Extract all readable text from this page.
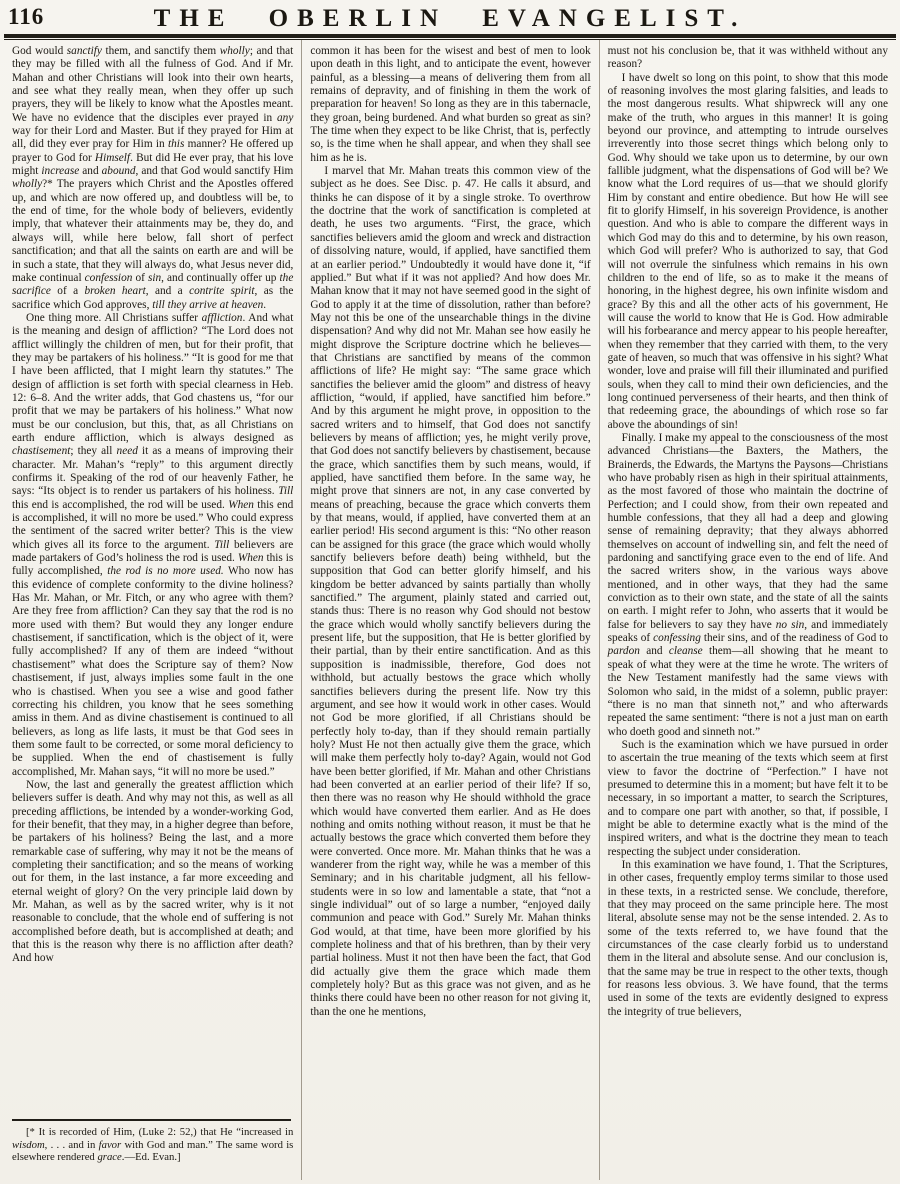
116	THE OBERLIN EVANGELIST.

God would sanctify them, and sanctify them wholly; and that they may be filled with all the fulness of God. And if Mr. Mahan and other Christians will look into their own hearts, and see what they really mean, when they offer up such prayers, they will be likely to know what the Apostles meant. We have no evidence that the disciples ever prayed in any way for their Lord and Master. But if they prayed for Him at all, did they ever pray for Him in this manner? He offered up prayer to God for Himself. But did He ever pray, that his love might increase and abound, and that God would sanctify Him wholly?* The prayers which Christ and the Apostles offered up, and which are now offered up, and doubtless will be, to the end of time, for the whole body of believers, evidently imply, that whatever their attainments may be, they do, and always will, while here below, fall short of perfect sanctification; and that all the saints on earth are and will be in such a state, that they will always do, what Jesus never did, make continual confession of sin, and continually offer up the sacrifice of a broken heart, and a contrite spirit, as the sacrifice which God approves, till they arrive at heaven.

One thing more. All Christians suffer affliction. And what is the meaning and design of affliction? “The Lord does not afflict willingly the children of men, but for their profit, that they may be partakers of his holiness.” “It is good for me that I have been afflicted, that I might learn thy statutes.” The design of affliction is set forth with special clearness in Heb. 12: 6–8. And the writer adds, that God chastens us, “for our profit that we may be partakers of his holiness.” What now must be our conclusion, but this, that, as all Christians on earth endure affliction, which is always designed as chastisement; they all need it as a means of improving their character. Mr. Mahan’s “reply” to this argument directly confirms it. Speaking of the rod of our heavenly Father, he says: “Its object is to render us partakers of his holiness. Till this end is accomplished, the rod will be used. When this end is accomplished, it will no more be used.” Who could express the sentiment of the sacred writer better? This is the view which gives all its force to the argument. Till believers are made partakers of God’s holiness the rod is used. When this is fully accomplished, the rod is no more used. Who now has this evidence of complete conformity to the divine holiness? Has Mr. Mahan, or Mr. Fitch, or any who agree with them? Are they free from affliction? Can they say that the rod is no more used with them? But would they any longer endure chastisement, if sanctification, which is the object of it, were fully accomplished? If any of them are indeed “without chastisement” what does the Scripture say of them? Now chastisement, if just, always implies some fault in the one who is chastised. When you see a wise and good father correcting his children, you know that he sees something amiss in them. And as divine chastisement is continued to all believers, as long as life lasts, it must be that God sees in them some fault to be corrected, or some moral deficiency to be supplied. When the end of chastisement is fully accomplished, Mr. Mahan says, “it will no more be used.”

Now, the last and generally the greatest affliction which believers suffer is death. And why may not this, as well as all preceding afflictions, be intended by a wonder-working God, for their benefit, that they may, in a higher degree than before, be partakers of his holiness? Being the last, and a more remarkable case of suffering, why may it not be the means of completing their sanctification; and so the means of working out for them, in the last instance, a far more exceeding and eternal weight of glory? On the very principle laid down by Mr. Mahan, as well as by the sacred writer, why is it not reasonable to conclude, that the whole end of suffering is not accomplished before death, but is accomplished at death; and that this is the reason why there is no affliction after death? And how

[* It is recorded of Him, (Luke 2: 52,) that He “increased in wisdom, . . . and in favor with God and man.” The same word is elsewhere rendered grace.—Ed. Evan.]

common it has been for the wisest and best of men to look upon death in this light, and to anticipate the event, however painful, as a blessing—a means of delivering them from all remains of depravity, and of finishing in them the work of preparation for heaven! So long as they are in this tabernacle, they groan, being burdened. And what burden so great as sin? The time when they expect to be like Christ, that is, perfectly so, is the time when he shall appear, and when they shall see him as he is.

I marvel that Mr. Mahan treats this common view of the subject as he does. See Disc. p. 47. He calls it absurd, and thinks he can dispose of it by a single stroke. To overthrow the doctrine that the work of sanctification is completed at death, he uses two arguments. “First, the grace, which sanctifies believers amid the gloom and wreck and distraction of dissolving nature, would, if applied, have sanctified them at an earlier period.” Undoubtedly it would have done it, “if applied.” But what if it was not applied? And how does Mr. Mahan know that it may not have seemed good in the sight of God to apply it at the time of dissolution, rather than before? May not this be one of the unsearchable things in the divine dispensation? And why did not Mr. Mahan see how easily he might disprove the Scripture doctrine which he believes—that Christians are sanctified by means of the common afflictions of life? He might say: “The same grace which sanctifies the believer amid the gloom” and distress of heavy affliction, “would, if applied, have sanctified him before.” And by this argument he might prove, in opposition to the sacred writers and to himself, that God does not sanctify believers by means of affliction; yes, he might verily prove, that God does not sanctify believers by chastisement, because the grace, which sanctifies them by such means, would, if applied, have sanctified them before. In the same way, he might prove that sinners are not, in any case converted by means of preaching, because the grace which converts them by that means, would, if applied, have converted them at an earlier period! His second argument is this: “No other reason can be assigned for this grace (the grace which would wholly sanctify believers before death) being withheld, but the supposition that God can better glorify himself, and his kingdom be better advanced by saints partially than wholly sanctified.” The argument, plainly stated and carried out, stands thus: There is no reason why God should not bestow the grace which would wholly sanctify believers during the present life, but the supposition, that He is better glorified by their partial, than by their entire sanctification. And as this supposition is inadmissible, therefore, God does not withhold, but actually bestows the grace which wholly sanctifies believers during the present life. Now try this argument, and see how it would work in other cases. Would not God be more glorified, if all Christians should be perfectly holy to-day, than if they should remain partially holy? Must He not then actually give them the grace, which will make them perfectly holy to-day? Again, would not God have been better glorified, if Mr. Mahan and other Christians had been converted at an earlier period of their life? If so, then there was no reason why He should withhold the grace which would have converted them earlier. And as He does nothing and omits nothing without reason, it must be that he actually bestows the grace which converted them before they were converted. Once more. Mr. Mahan thinks that he was a wanderer from the right way, while he was a member of this Seminary; and in his charitable judgment, all his fellow-students were in so low and lamentable a state, that “not a single individual” out of so large a number, “enjoyed daily communion and peace with God.” Surely Mr. Mahan thinks God would, at that time, have been more glorified by his complete holiness and that of his brethren, than by their very partial holiness. Must it not then have been the fact, that God did actually give them the grace which made them completely holy? But as this grace was not given, and as he thinks there could have been no other reason for not giving it, than the one he mentions,

must not his conclusion be, that it was withheld without any reason?

I have dwelt so long on this point, to show that this mode of reasoning involves the most glaring falsities, and leads to the most dangerous results. What shipwreck will any one make of the truth, who argues in this manner! It is going beyond our province, and attempting to intrude ourselves irreverently into those secret things which belong only to God. Why should we take upon us to determine, by our own fallible judgment, what the dispensations of God will be? We know what the Lord requires of us—that we should glorify Him by constant and entire obedience. But how He will see fit to glorify Himself, in his sovereign Providence, is another question. And who is able to compare the different ways in which God may do this and to determine, by his own reason, which God will prefer? Who is authorized to say, that God will not overrule the sinfulness which remains in his own children to the end of life, so as to make it the means of honoring, in the highest degree, his own infinite wisdom and grace? By this and all the other acts of his government, He will cause the world to know that He is God. How admirable will his forbearance and mercy appear to his people hereafter, when they remember that they carried with them, to the very gate of heaven, so much that was offensive in his sight? What wonder, love and praise will fill their illuminated and purified souls, when they call to mind their own deficiencies, and the long continued perverseness of their hearts, and then think of that redeeming grace, the aboundings of which rose so far above the aboundings of sin!

Finally. I make my appeal to the consciousness of the most advanced Christians—the Baxters, the Mathers, the Brainerds, the Edwards, the Martyns the Paysons—Christians who have probably risen as high in their spiritual attainments, as the most favored of those who maintain the doctrine of Perfection; and I could show, from their own repeated and humble confessions, that they all had a deep and glowing sense of remaining depravity; that they always abhorred themselves on account of indwelling sin, and felt the need of pardoning and sanctifying grace even to the end of life. And the sacred writers show, in the various ways above mentioned, and in other ways, that they had the same conviction as to their own state, and the state of all the saints on earth. I might refer to John, who asserts that it would be false for believers to say they have no sin, and immediately speaks of confessing their sins, and of the readiness of God to pardon and cleanse them—all showing that he meant to speak of what they were at the time he wrote. The writers of the New Testament manifestly had the same views with Solomon who said, in the midst of a solemn, public prayer: “there is no man that sinneth not,” and who afterwards repeated the same sentiment: “there is not a just man on earth who doeth good and sinneth not.”

Such is the examination which we have pursued in order to ascertain the true meaning of the texts which seem at first view to favor the doctrine of “Perfection.” I have not presumed to determine this in a moment; but have felt it to be necessary, in so important a matter, to search the Scriptures, and to compare one part with another, so that, if possible, I might be able to determine exactly what is the mind of the inspired writers, and what is the doctrine they mean to teach respecting the subject under consideration.

In this examination we have found, 1. That the Scriptures, in other cases, frequently employ terms similar to those used in these texts, in a restricted sense. We conclude, therefore, that they may proceed on the same principle here. The most literal, absolute sense may not be the sense intended. 2. As to some of the texts referred to, we have found that the circumstances of the case clearly forbid us to understand them in the literal and absolute sense. And our conclusion is, that the same may be true in respect to the other texts, though for reasons less obvious. 3. We have found, that the terms used in some of the texts are evidently designed to express the integrity of true believers,
